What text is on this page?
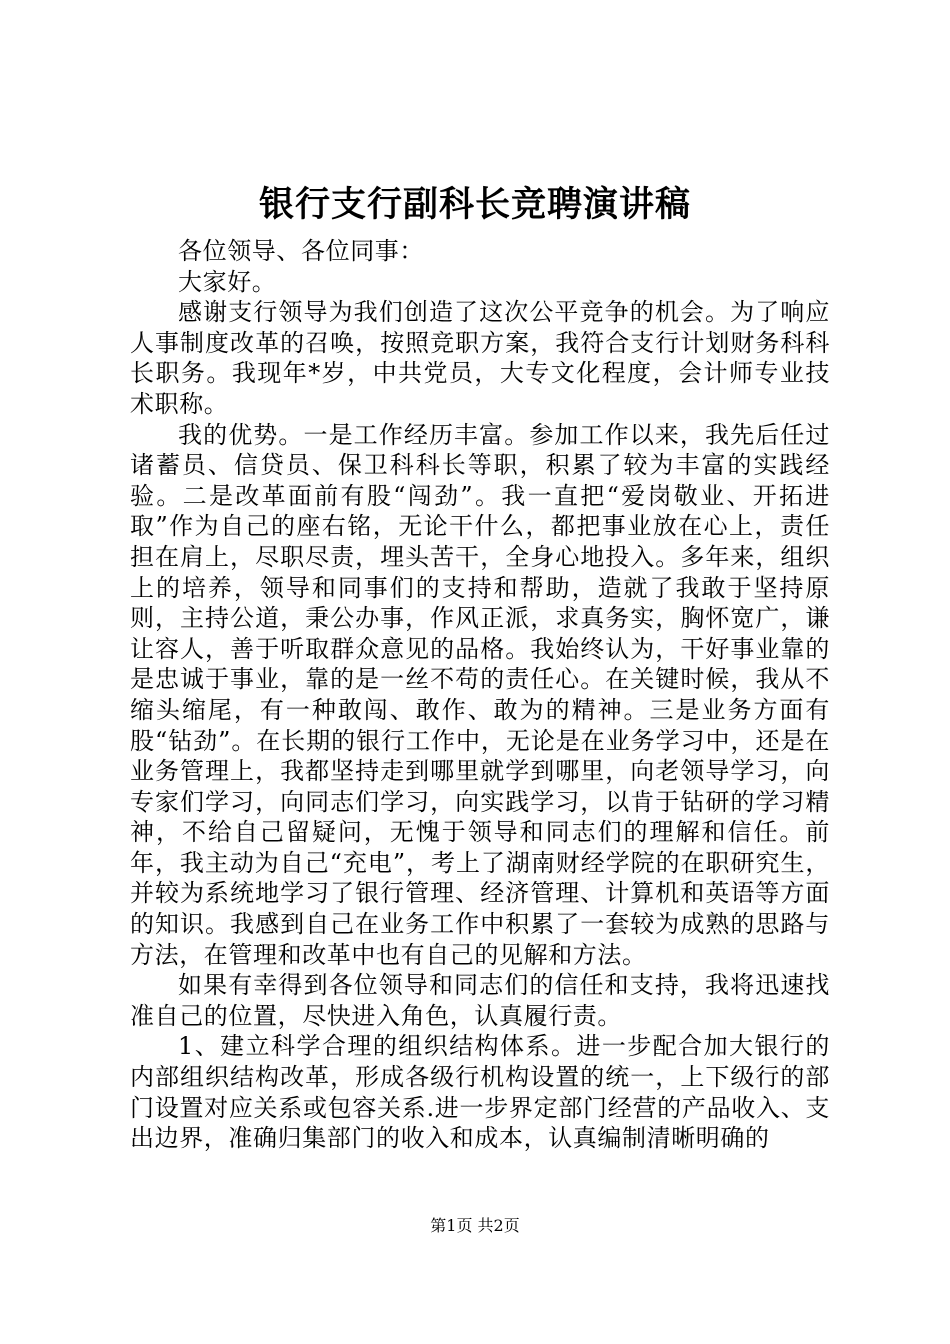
银行支行副科长竞聘演讲稿

各位领导、各位同事：

大家好。

感谢支行领导为我们创造了这次公平竞争的机会。为了响应人事制度改革的召唤，按照竞职方案，我符合支行计划财务科科长职务。我现年*岁，中共党员，大专文化程度，会计师专业技术职称。

我的优势。一是工作经历丰富。参加工作以来，我先后任过诸蓄员、信贷员、保卫科科长等职，积累了较为丰富的实践经验。二是改革面前有股“闯劲”。我一直把“爱岗敬业、开拓进取”作为自己的座右铭，无论干什么，都把事业放在心上，责任担在肩上，尽职尽责，埋头苦干，全身心地投入。多年来，组织上的培养，领导和同事们的支持和帮助，造就了我敢于坚持原则，主持公道，秉公办事，作风正派，求真务实，胸怀宽广，谦让容人，善于听取群众意见的品格。我始终认为，干好事业靠的是忠诚于事业，靠的是一丝不苟的责任心。在关键时候，我从不缩头缩尾，有一种敢闯、敢作、敢为的精神。三是业务方面有股“钻劲”。在长期的银行工作中，无论是在业务学习中，还是在业务管理上，我都坚持走到哪里就学到哪里，向老领导学习，向专家们学习，向同志们学习，向实践学习，以肯于钻研的学习精神，不给自己留疑问，无愧于领导和同志们的理解和信任。前年，我主动为自己“充电”，考上了湖南财经学院的在职研究生，并较为系统地学习了银行管理、经济管理、计算机和英语等方面的知识。我感到自己在业务工作中积累了一套较为成熟的思路与方法，在管理和改革中也有自己的见解和方法。

如果有幸得到各位领导和同志们的信任和支持，我将迅速找准自己的位置，尽快进入角色，认真履行责。

1、建立科学合理的组织结构体系。进一步配合加大银行的内部组织结构改革，形成各级行机构设置的统一，上下级行的部门设置对应关系或包容关系.进一步界定部门经营的产品收入、支出边界，准确归集部门的收入和成本，认真编制清晰明确的

第1页 共2页
